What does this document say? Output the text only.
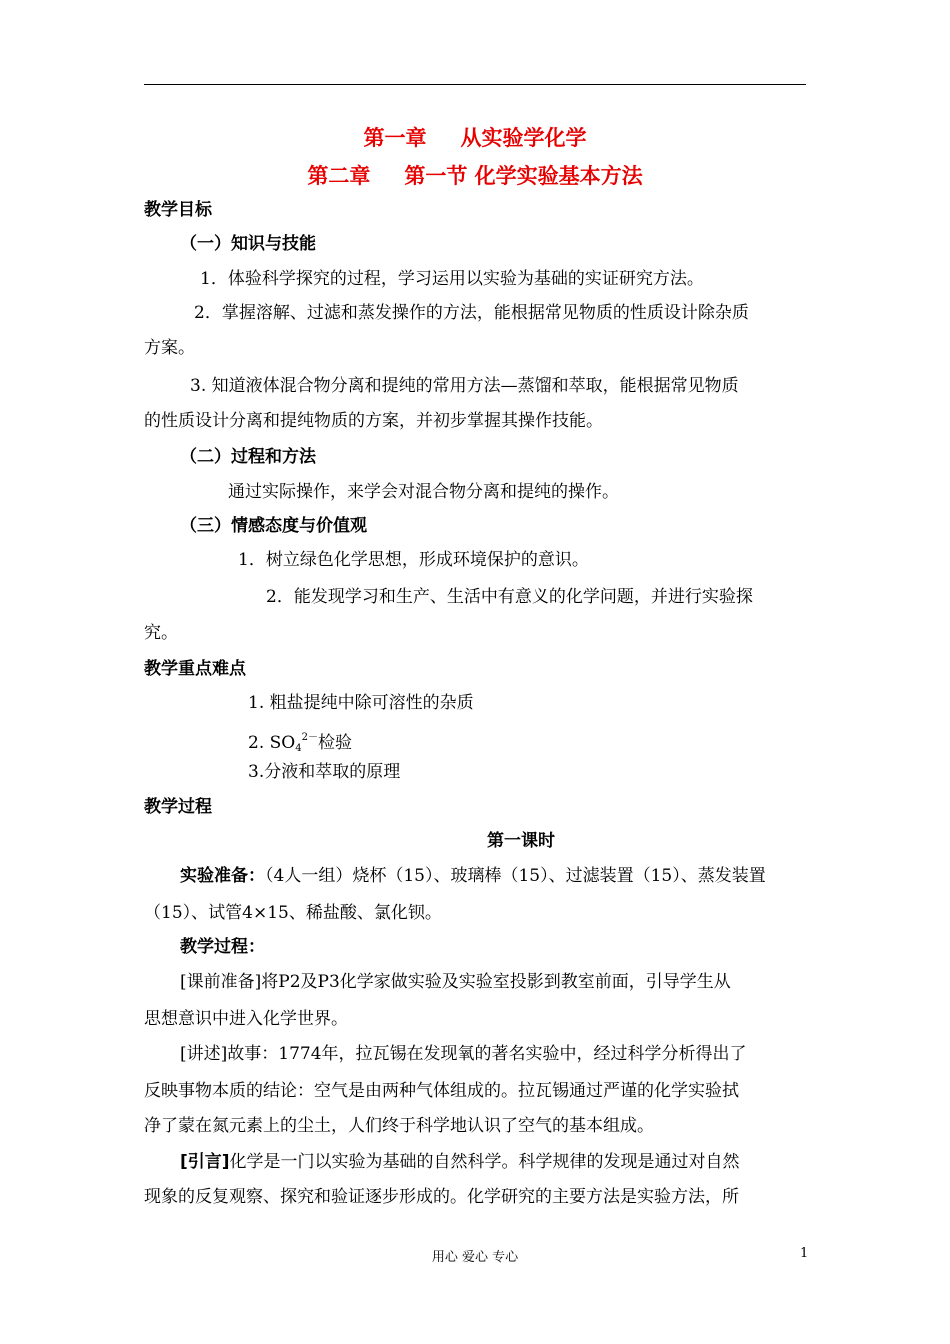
第一章 从实验学化学
第二章 第一节 化学实验基本方法
教学目标
（一）知识与技能
1．体验科学探究的过程，学习运用以实验为基础的实证研究方法。
2．掌握溶解、过滤和蒸发操作的方法，能根据常见物质的性质设计除杂质
方案。
3. 知道液体混合物分离和提纯的常用方法—蒸馏和萃取，能根据常见物质
的性质设计分离和提纯物质的方案，并初步掌握其操作技能。
（二）过程和方法
通过实际操作，来学会对混合物分离和提纯的操作。
（三）情感态度与价值观
1．树立绿色化学思想，形成环境保护的意识。
2．能发现学习和生产、生活中有意义的化学问题，并进行实验探
究。
教学重点难点
1. 粗盐提纯中除可溶性的杂质
2. $SO_4^{2-}$检验
3.分液和萃取的原理
教学过程
第一课时
实验准备：（4人一组）烧杯（15）、玻璃棒（15）、过滤装置（15）、蒸发装置
（15）、试管4×15、稀盐酸、氯化钡。
教学过程：
[课前准备]将P2及P3化学家做实验及实验室投影到教室前面，引导学生从
思想意识中进入化学世界。
[讲述]故事：1774年，拉瓦锡在发现氧的著名实验中，经过科学分析得出了
反映事物本质的结论：空气是由两种气体组成的。拉瓦锡通过严谨的化学实验拭
净了蒙在氮元素上的尘土，人们终于科学地认识了空气的基本组成。
[引言]化学是一门以实验为基础的自然科学。科学规律的发现是通过对自然
现象的反复观察、探究和验证逐步形成的。化学研究的主要方法是实验方法，所
用心 爱心 专心	1
